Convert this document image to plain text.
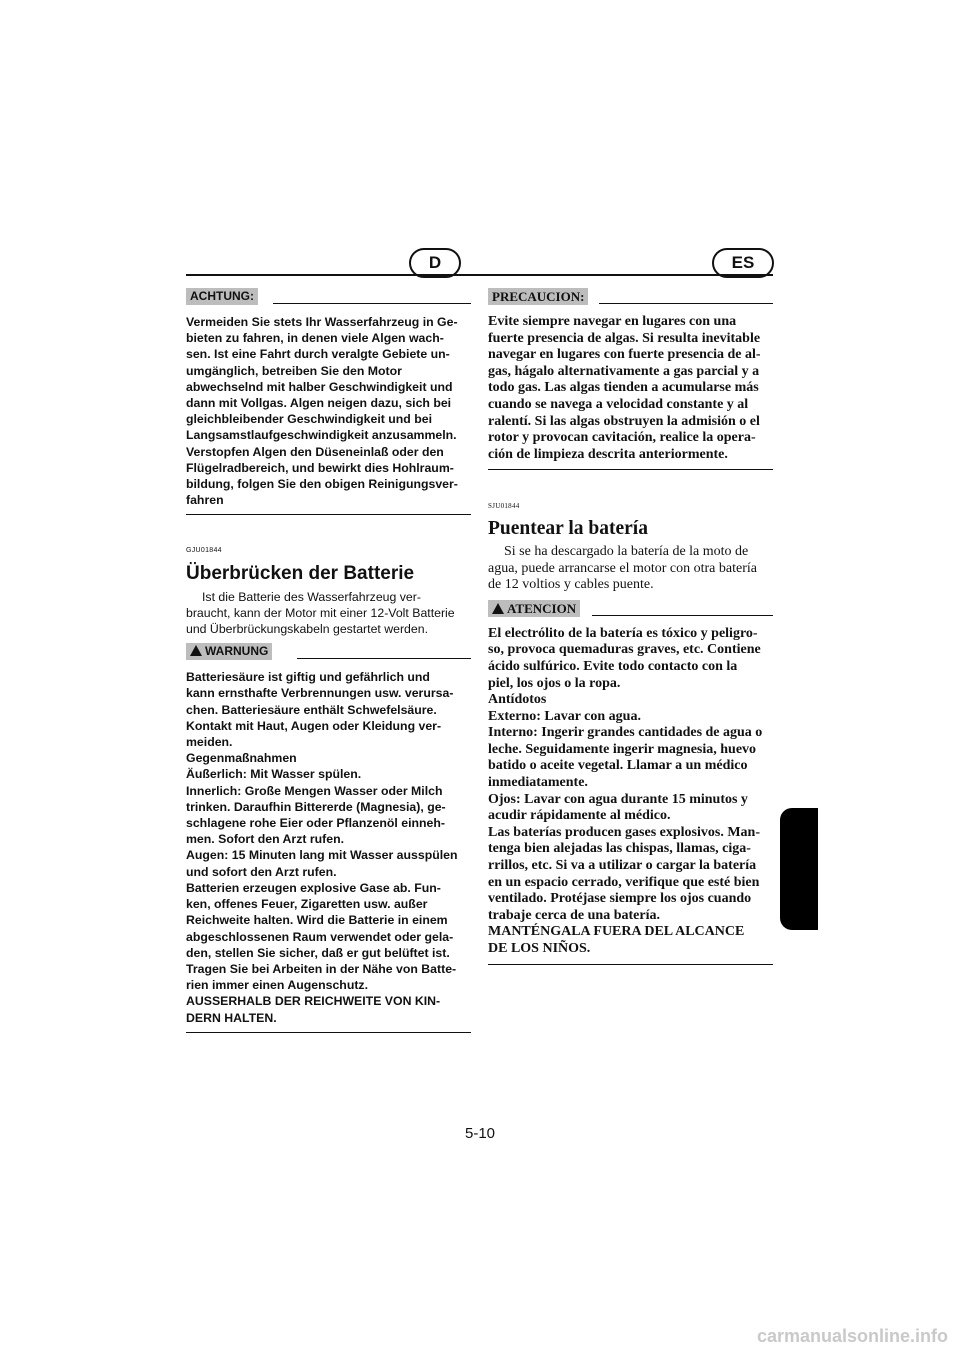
D	ES
ACHTUNG:

Vermeiden Sie stets Ihr Wasserfahrzeug in Ge-

bieten zu fahren, in denen viele Algen wach-

sen. Ist eine Fahrt durch veralgte Gebiete un-

umgänglich, betreiben Sie den Motor

abwechselnd mit halber Geschwindigkeit und

dann mit Vollgas. Algen neigen dazu, sich bei

gleichbleibender Geschwindigkeit und bei

Langsamstlaufgeschwindigkeit anzusammeln.

Verstopfen Algen den Düseneinlaß oder den

Flügelradbereich, und bewirkt dies Hohlraum-

bildung, folgen Sie den obigen Reinigungsver-

fahren

GJU01844

Überbrücken der Batterie

Ist die Batterie des Wasserfahrzeug ver-

braucht, kann der Motor mit einer 12-Volt Batterie

und Überbrückungskabeln gestartet werden.

WARNUNG

Batteriesäure ist giftig und gefährlich und

kann ernsthafte Verbrennungen usw. verursa-

chen. Batteriesäure enthält Schwefelsäure.

Kontakt mit Haut, Augen oder Kleidung ver-

meiden.

Gegenmaßnahmen

Äußerlich: Mit Wasser spülen.

Innerlich: Große Mengen Wasser oder Milch

trinken. Daraufhin Bittererde (Magnesia), ge-

schlagene rohe Eier oder Pflanzenöl einneh-

men. Sofort den Arzt rufen.

Augen: 15 Minuten lang mit Wasser ausspülen

und sofort den Arzt rufen.

Batterien erzeugen explosive Gase ab. Fun-

ken, offenes Feuer, Zigaretten usw. außer

Reichweite halten. Wird die Batterie in einem

abgeschlossenen Raum verwendet oder gela-

den, stellen Sie sicher, daß er gut belüftet ist.

Tragen Sie bei Arbeiten in der Nähe von Batte-

rien immer einen Augenschutz.

AUSSERHALB DER REICHWEITE VON KIN-

DERN HALTEN.

PRECAUCION:

Evite siempre navegar en lugares con una

fuerte presencia de algas. Si resulta inevitable

navegar en lugares con fuerte presencia de al-

gas, hágalo alternativamente a gas parcial y a

todo gas. Las algas tienden a acumularse más

cuando se navega a velocidad constante y al

ralentí. Si las algas obstruyen la admisión o el

rotor y provocan cavitación, realice la opera-

ción de limpieza descrita anteriormente.

SJU01844

Puentear la batería

Si se ha descargado la batería de la moto de

agua, puede arrancarse el motor con otra batería

de 12 voltios y cables puente.

ATENCION

El electrólito de la batería es tóxico y peligro-

so, provoca quemaduras graves, etc. Contiene

ácido sulfúrico. Evite todo contacto con la

piel, los ojos o la ropa.

Antídotos

Externo: Lavar con agua.

Interno: Ingerir grandes cantidades de agua o

leche. Seguidamente ingerir magnesia, huevo

batido o aceite vegetal. Llamar a un médico

inmediatamente.

Ojos: Lavar con agua durante 15 minutos y

acudir rápidamente al médico.

Las baterías producen gases explosivos. Man-

tenga bien alejadas las chispas, llamas, ciga-

rrillos, etc. Si va a utilizar o cargar la batería

en un espacio cerrado, verifique que esté bien

ventilado. Protéjase siempre los ojos cuando

trabaje cerca de una batería.

MANTÉNGALA FUERA DEL ALCANCE

DE LOS NIÑOS.

5-10
carmanualsonline.info
